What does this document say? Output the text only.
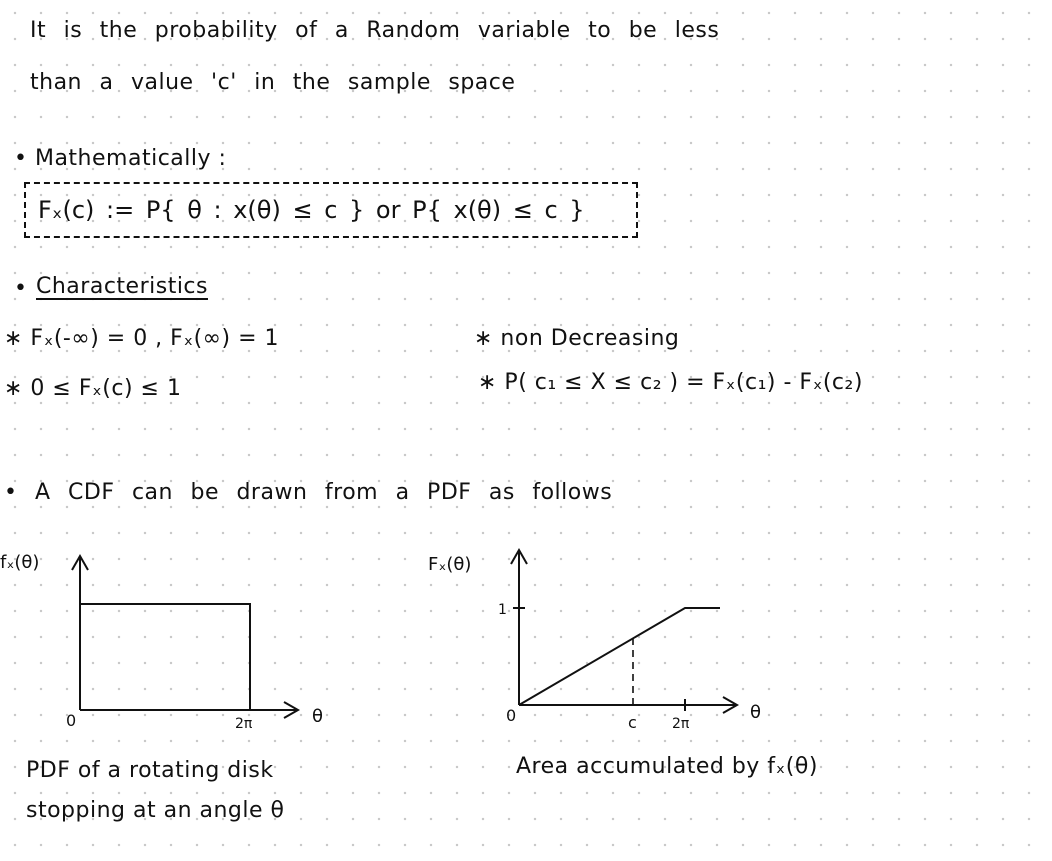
It is the probability of a Random variable to be less
than a value 'c' in the sample space
• Mathematically :
Fₓ(c) := P{ θ : x(θ) ≤ c } or P{ x(θ) ≤ c }
• Characteristics
∗ Fₓ(-∞) = 0 , Fₓ(∞) = 1	∗ non Decreasing
∗ 0 ≤ Fₓ(c) ≤ 1	∗ P( c₁ ≤ X ≤ c₂ ) = Fₓ(c₁) - Fₓ(c₂)
• A CDF can be drawn from a PDF as follows
fₓ(θ)
0	2π	θ
PDF of a rotating disk
stopping at an angle θ
Fₓ(θ)
1
0	c	2π
θ
Area accumulated by fₓ(θ)
